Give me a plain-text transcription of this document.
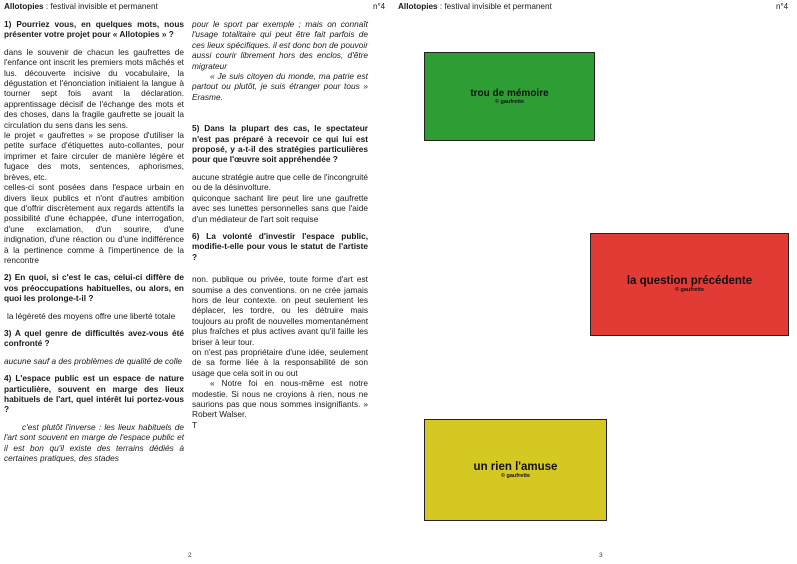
Allotopies : festival invisible et permanent	n°4

1) Pourriez vous, en quelques mots, nous présenter votre projet pour « Allotopies » ?

dans le souvenir de chacun les gaufrettes de l'enfance ont inscrit les premiers mots mâchés et lus. découverte incisive du vocabulaire, la dégustation et l'énonciation initiaient la langue à tourner sept fois avant la déclaration. apprentissage décisif de l'échange des mots et des choses, dans la fragile gaufrette se jouait la circulation du sens dans les sens.

le projet « gaufrettes » se propose d'utiliser la petite surface d'étiquettes auto-collantes, pour imprimer et faire circuler de manière légère et fugace des mots, sentences, aphorismes, brèves, etc.

celles-ci sont posées dans l'espace urbain en divers lieux publics et n'ont d'autres ambition que d'offrir discrètement aux regards attentifs la possibilité d'une échappée, d'une interrogation, d'une exclamation, d'un sourire, d'une indignation, d'une réaction ou d'une indifférence à la pertinence comme à l'impertinence de la rencontre

2) En quoi, si c'est le cas, celui-ci diffère de vos préoccupations habituelles, ou alors, en quoi les prolonge-t-il ?

la légèreté des moyens offre une liberté totale

3) A quel genre de difficultés avez-vous été confronté ?

aucune sauf a des problèmes de qualité de colle

4) L'espace public est un espace de nature particulière, souvent en marge des lieux habituels de l'art, quel intérêt lui portez-vous ?

c'est plutôt l'inverse : les lieux habituels de l'art sont souvent en marge de l'espace public et il est bon qu'il existe des terrains dédiés à certaines pratiques, des stades

pour le sport par exemple ; mais on connaît l'usage totalitaire qui peut être fait parfois de ces lieux spécifiques. il est donc bon de pouvoir aussi courir librement hors des enclos, d'être migrateur

« Je suis citoyen du monde, ma patrie est partout ou plutôt, je suis étranger pour tous » Erasme.

5) Dans la plupart des cas, le spectateur n'est pas préparé à recevoir ce qui lui est proposé, y a-t-il des stratégies particulières pour que l'œuvre soit appréhendée ?

aucune stratégie autre que celle de l'incongruité ou de la désinvolture.

quiconque sachant lire peut lire une gaufrette avec ses lunettes personnelles sans que l'aide d'un médiateur de l'art soit requise

6) La volonté d'investir l'espace public, modifie-t-elle pour vous le statut de l'artiste ?

non. publique ou privée, toute forme d'art est soumise a des conventions. on ne crée jamais hors de leur contexte. on peut seulement les déplacer, les tordre, ou les détruire mais toujours au profit de nouvelles momentanément plus fraîches et plus actives avant qu'il faille les briser à leur tour.

on n'est pas propriétaire d'une idée, seulement de sa forme liée à la responsabilité de son usage que cela soit in ou out

« Notre foi en nous-même est notre modestie. Si nous ne croyions à rien, nous ne saurions pas que nous sommes insignifiants. » Robert Walser.

T

2
Allotopies : festival invisible et permanent	n°4
trou de mémoire
© gaufrette
la question précédente
© gaufrette
un rien l'amuse
© gaufrette
3
